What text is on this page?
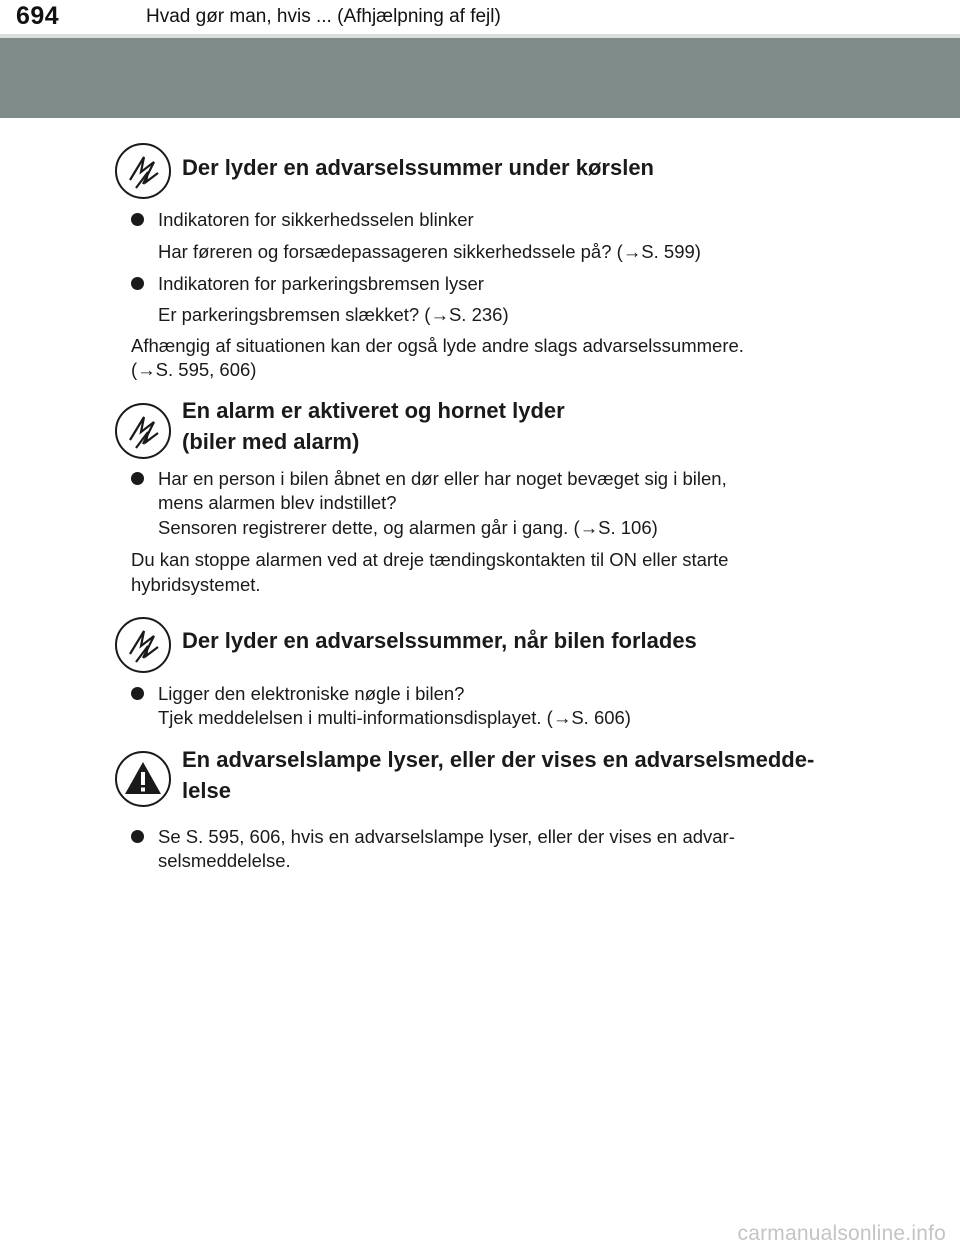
694	Hvad gør man, hvis ... (Afhjælpning af fejl)
Der lyder en advarselssummer under kørslen
Indikatoren for sikkerhedsselen blinker
Har føreren og forsædepassageren sikkerhedssele på? (→S. 599)
Indikatoren for parkeringsbremsen lyser
Er parkeringsbremsen slækket? (→S. 236)
Afhængig af situationen kan der også lyde andre slags advarselssummere.
(→S. 595, 606)
En alarm er aktiveret og hornet lyder
(biler med alarm)
Har en person i bilen åbnet en dør eller har noget bevæget sig i bilen,
mens alarmen blev indstillet?
Sensoren registrerer dette, og alarmen går i gang. (→S. 106)
Du kan stoppe alarmen ved at dreje tændingskontakten til ON eller starte
hybridsystemet.
Der lyder en advarselssummer, når bilen forlades
Ligger den elektroniske nøgle i bilen?
Tjek meddelelsen i multi-informationsdisplayet. (→S. 606)
En advarselslampe lyser, eller der vises en advarselsmedde-
lelse
Se S. 595, 606, hvis en advarselslampe lyser, eller der vises en advar-
selsmeddelelse.
carmanualsonline.info
